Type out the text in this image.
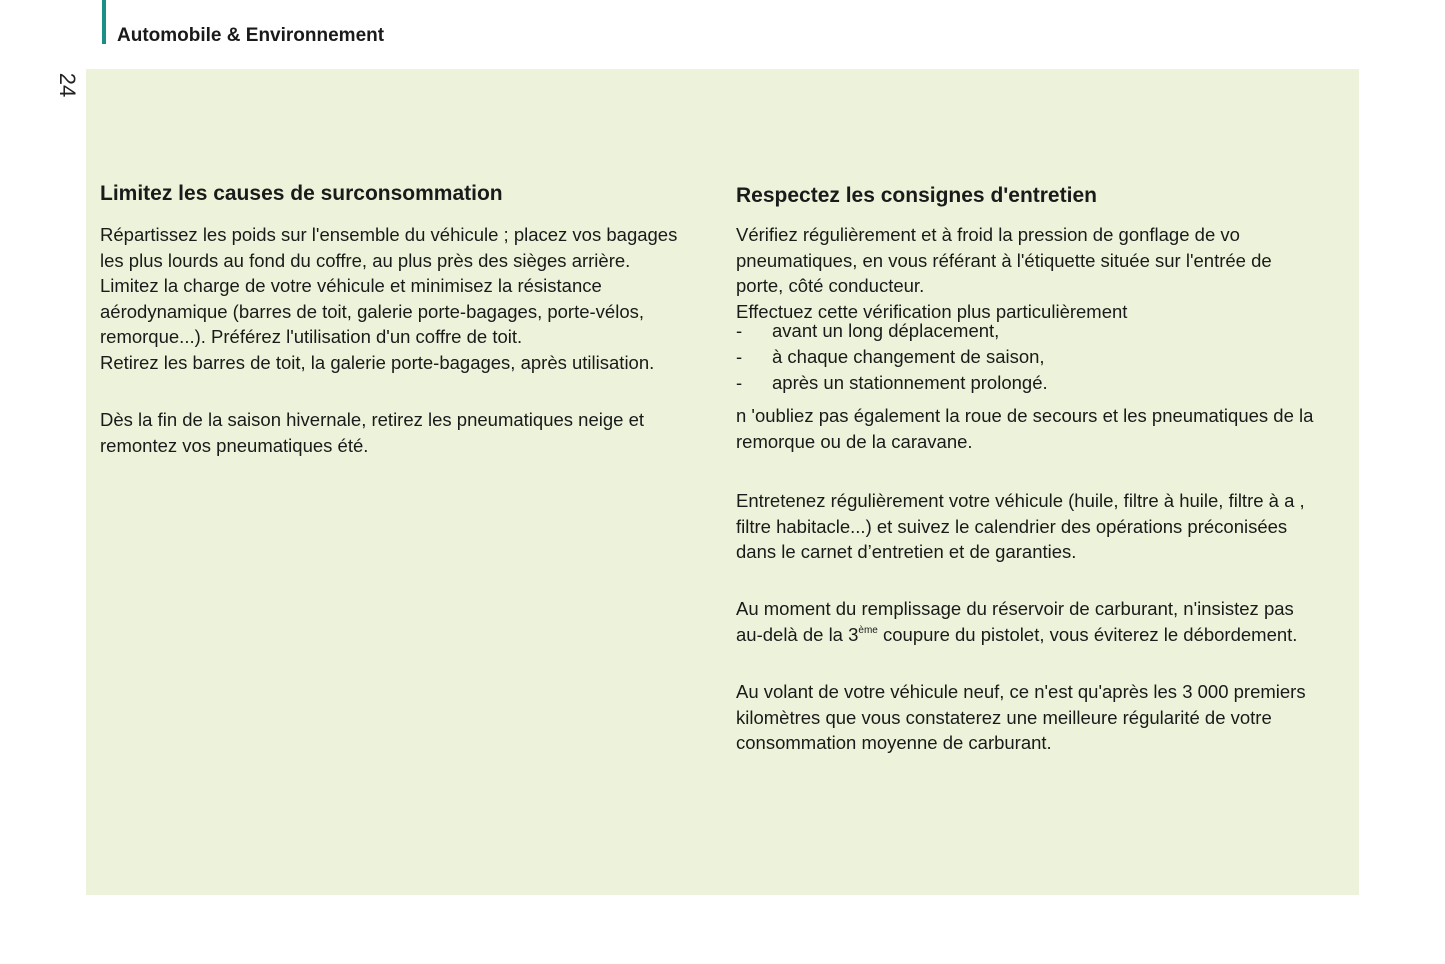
Automobile & Environnement
24
Limitez les causes de surconsommation

Répartissez les poids sur l'ensemble du véhicule ; placez vos bagages

les plus lourds au fond du coffre, au plus près des sièges arrière.

Limitez la charge de votre véhicule et minimisez la résistance

aérodynamique (barres de toit, galerie porte-bagages, porte-vélos,

remorque...). Préférez l'utilisation d'un coffre de toit.

Retirez les barres de toit, la galerie porte-bagages, après utilisation.

Dès la fin de la saison hivernale, retirez les pneumatiques neige et

remontez vos pneumatiques été.

Respectez les consignes d'entretien

Vérifiez régulièrement et à froid la pression de gonflage de vo

pneumatiques, en vous référant à l'étiquette située sur l'entrée de

porte, côté conducteur.

Effectuez cette vérification plus particulièrement

- avant un long déplacement,
- à chaque changement de saison,
- après un stationnement prolongé.

n 'oubliez pas également la roue de secours et les pneumatiques de la

remorque ou de la caravane.

Entretenez régulièrement votre véhicule (huile, filtre à huile, filtre à a ,

filtre habitacle...) et suivez le calendrier des opérations préconisées

dans le carnet d’entretien et de garanties.

Au moment du remplissage du réservoir de carburant, n'insistez pas

au-delà de la 3ème coupure du pistolet, vous éviterez le débordement.

Au volant de votre véhicule neuf, ce n'est qu'après les 3 000 premiers

kilomètres que vous constaterez une meilleure régularité de votre

consommation moyenne de carburant.
